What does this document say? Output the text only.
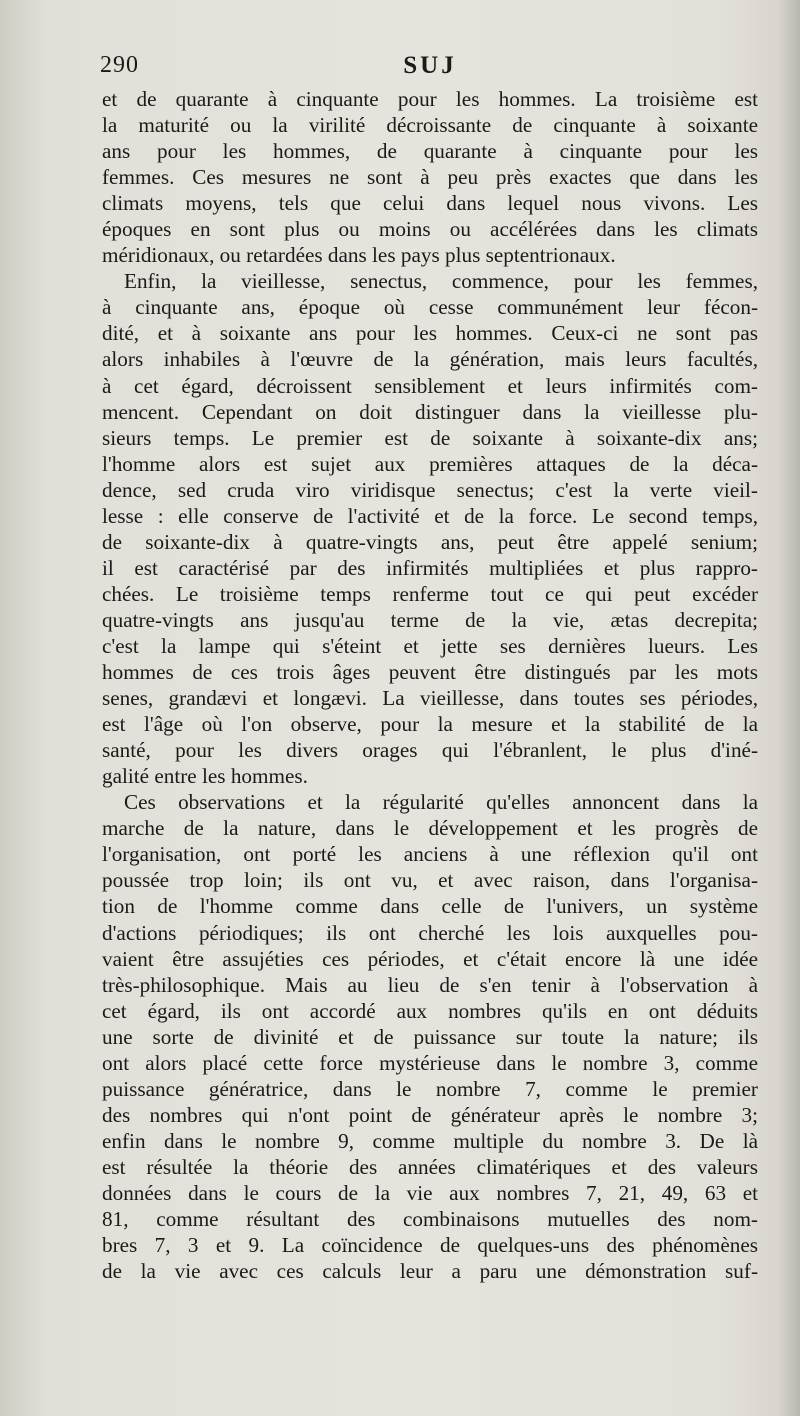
290	SUJ
et de quarante à cinquante pour les hommes. La troisième est
la maturité ou la virilité décroissante de cinquante à soixante
ans pour les hommes, de quarante à cinquante pour les
femmes. Ces mesures ne sont à peu près exactes que dans les
climats moyens, tels que celui dans lequel nous vivons. Les
époques en sont plus ou moins ou accélérées dans les climats
méridionaux, ou retardées dans les pays plus septentrionaux.
Enfin, la vieillesse, senectus, commence, pour les femmes,
à cinquante ans, époque où cesse communément leur fécon-
dité, et à soixante ans pour les hommes. Ceux-ci ne sont pas
alors inhabiles à l'œuvre de la génération, mais leurs facultés,
à cet égard, décroissent sensiblement et leurs infirmités com-
mencent. Cependant on doit distinguer dans la vieillesse plu-
sieurs temps. Le premier est de soixante à soixante-dix ans;
l'homme alors est sujet aux premières attaques de la déca-
dence, sed cruda viro viridisque senectus; c'est la verte vieil-
lesse : elle conserve de l'activité et de la force. Le second temps,
de soixante-dix à quatre-vingts ans, peut être appelé senium;
il est caractérisé par des infirmités multipliées et plus rappro-
chées. Le troisième temps renferme tout ce qui peut excéder
quatre-vingts ans jusqu'au terme de la vie, ætas decrepita;
c'est la lampe qui s'éteint et jette ses dernières lueurs. Les
hommes de ces trois âges peuvent être distingués par les mots
senes, grandævi et longævi. La vieillesse, dans toutes ses périodes,
est l'âge où l'on observe, pour la mesure et la stabilité de la
santé, pour les divers orages qui l'ébranlent, le plus d'iné-
galité entre les hommes.
Ces observations et la régularité qu'elles annoncent dans la
marche de la nature, dans le développement et les progrès de
l'organisation, ont porté les anciens à une réflexion qu'il ont
poussée trop loin; ils ont vu, et avec raison, dans l'organisa-
tion de l'homme comme dans celle de l'univers, un système
d'actions périodiques; ils ont cherché les lois auxquelles pou-
vaient être assujéties ces périodes, et c'était encore là une idée
très-philosophique. Mais au lieu de s'en tenir à l'observation à
cet égard, ils ont accordé aux nombres qu'ils en ont déduits
une sorte de divinité et de puissance sur toute la nature; ils
ont alors placé cette force mystérieuse dans le nombre 3, comme
puissance génératrice, dans le nombre 7, comme le premier
des nombres qui n'ont point de générateur après le nombre 3;
enfin dans le nombre 9, comme multiple du nombre 3. De là
est résultée la théorie des années climatériques et des valeurs
données dans le cours de la vie aux nombres 7, 21, 49, 63 et
81, comme résultant des combinaisons mutuelles des nom-
bres 7, 3 et 9. La coïncidence de quelques-uns des phénomènes
de la vie avec ces calculs leur a paru une démonstration suf-
